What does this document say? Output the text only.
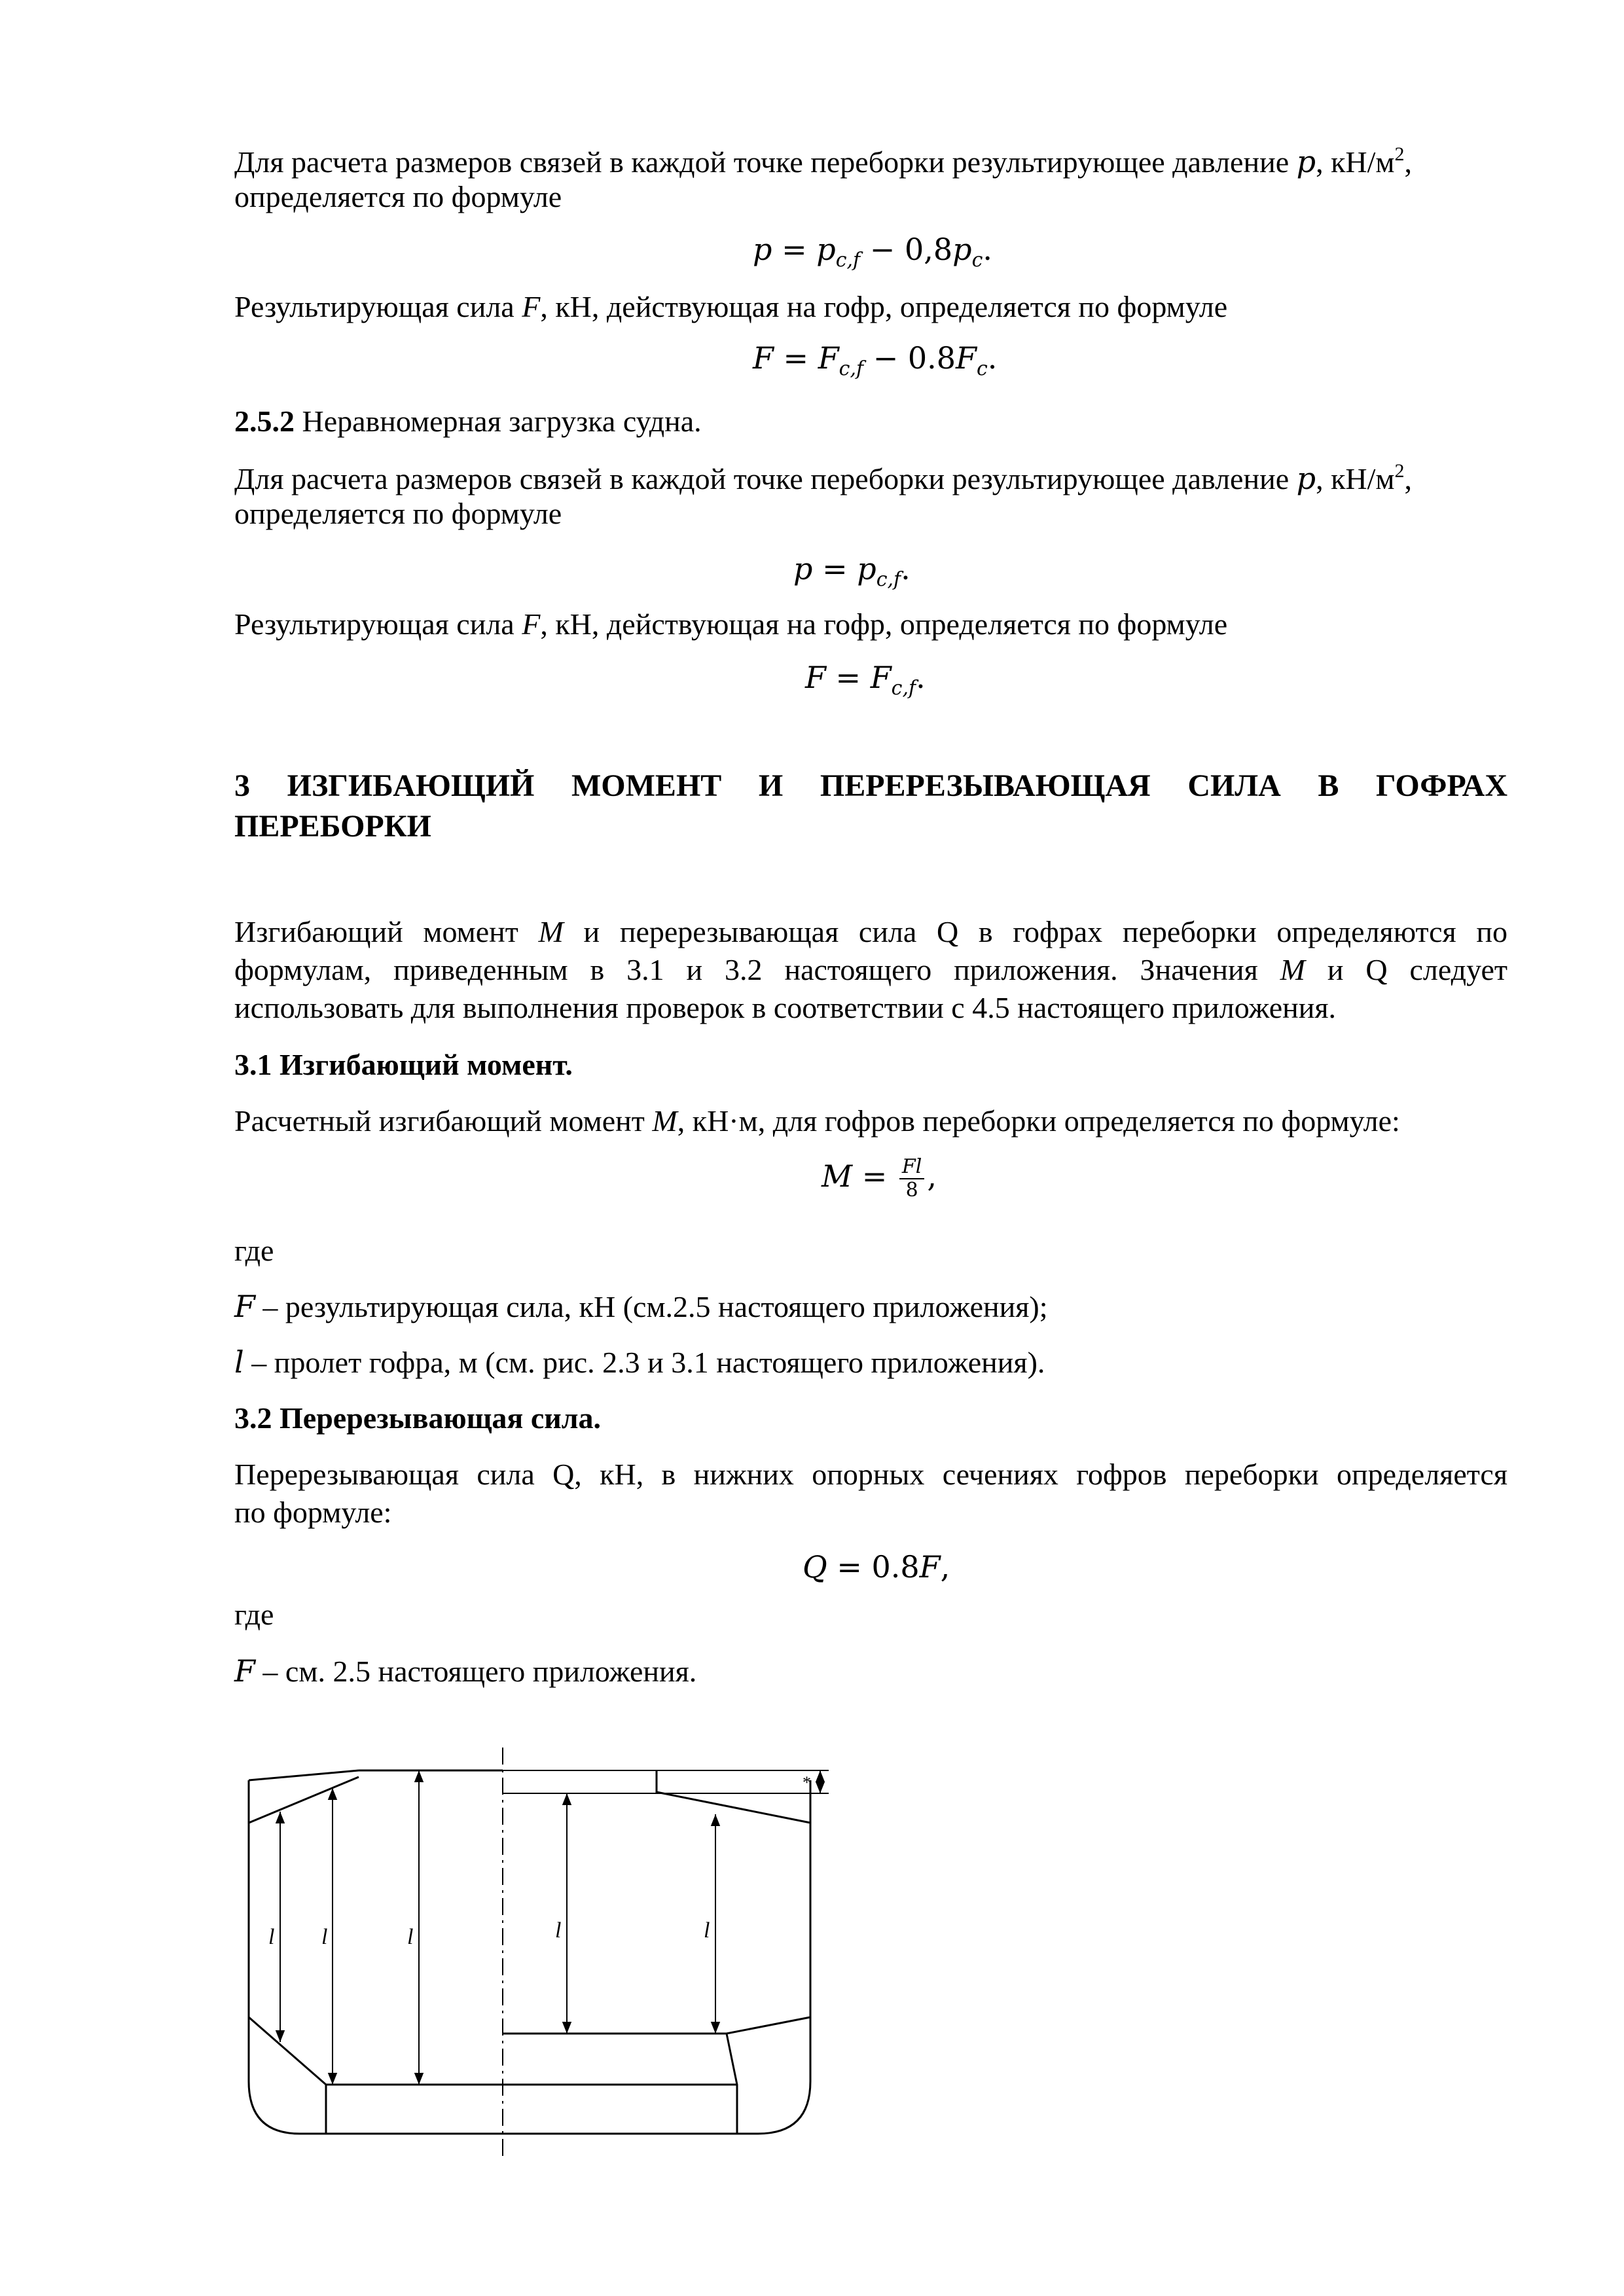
Для расчета размеров связей в каждой точке переборки результирующее давление p, $кН/м^2$,
определяется по формуле
$p = p_{c,f} - 0,8p_c$.
Результирующая сила F, кН, действующая на гофр, определяется по формуле
$F = F_{c,f} - 0.8F_c$.
2.5.2 Неравномерная загрузка судна.
Для расчета размеров связей в каждой точке переборки результирующее давление p, $кН/м^2$,
определяется по формуле
$p = p_{c,f}$.
Результирующая сила F, кН, действующая на гофр, определяется по формуле
$F = F_{c,f}$.
3 ИЗГИБАЮЩИЙ МОМЕНТ И ПЕРЕРЕЗЫВАЮЩАЯ СИЛА В ГОФРАХ
ПЕРЕБОРКИ
Изгибающий момент M и перерезывающая сила Q в гофрах переборки определяются по
формулам, приведенным в 3.1 и 3.2 настоящего приложения. Значения M и Q следует
использовать для выполнения проверок в соответствии с 4.5 настоящего приложения.
3.1 Изгибающий момент.
Расчетный изгибающий момент M, кН·м, для гофров переборки определяется по формуле:
$M = \frac{Fl}{8}$ ,
где
F – результирующая сила, кН (см.2.5 настоящего приложения);
l – пролет гофра, м (см. рис. 2.3 и 3.1 настоящего приложения).
3.2 Перерезывающая сила.
Перерезывающая сила Q, кН, в нижних опорных сечениях гофров переборки определяется
по формуле:
Q = 0.8F,
где
F – см. 2.5 настоящего приложения.
l l	l	l	l
*
